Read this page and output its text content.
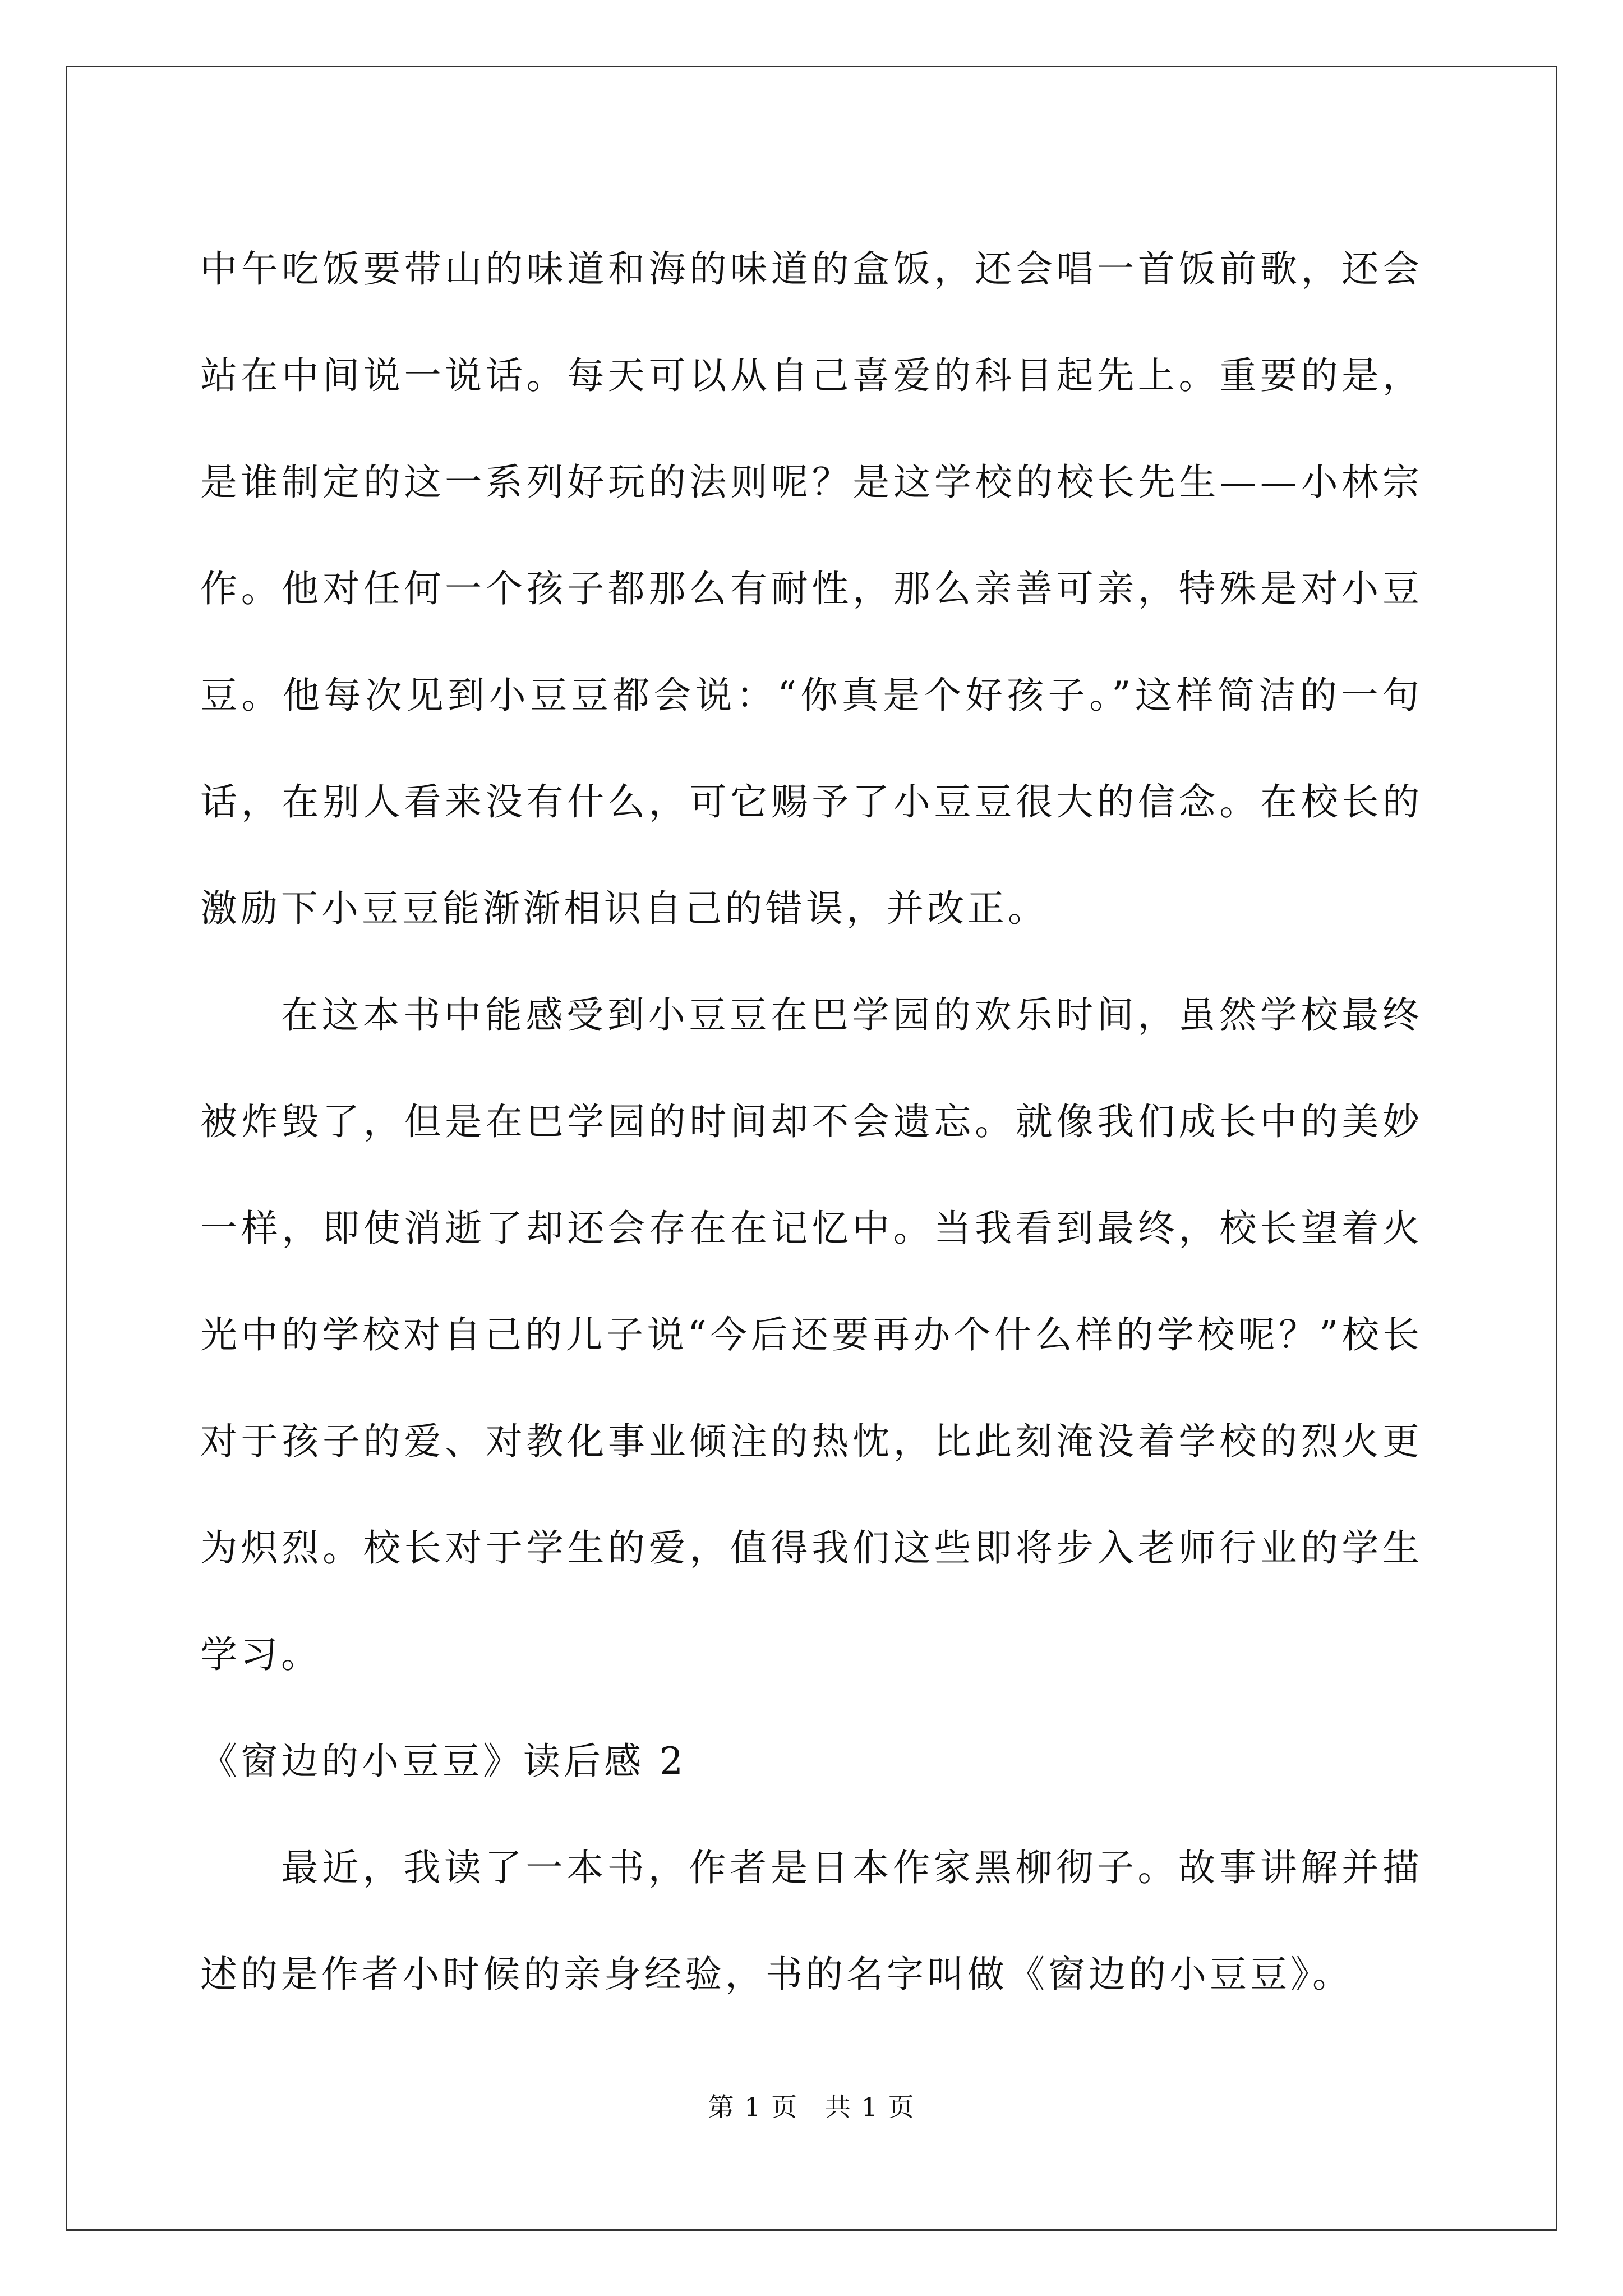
中午吃饭要带山的味道和海的味道的盒饭，还会唱一首饭前歌，还会站在中间说一说话。每天可以从自己喜爱的科目起先上。重要的是，是谁制定的这一系列好玩的法则呢？是这学校的校长先生——小林宗作。他对任何一个孩子都那么有耐性，那么亲善可亲，特殊是对小豆豆。他每次见到小豆豆都会说：“你真是个好孩子。”这样简洁的一句话，在别人看来没有什么，可它赐予了小豆豆很大的信念。在校长的激励下小豆豆能渐渐相识自己的错误，并改正。

在这本书中能感受到小豆豆在巴学园的欢乐时间，虽然学校最终被炸毁了，但是在巴学园的时间却不会遗忘。就像我们成长中的美妙一样，即使消逝了却还会存在在记忆中。当我看到最终，校长望着火光中的学校对自己的儿子说“今后还要再办个什么样的学校呢？”校长对于孩子的爱、对教化事业倾注的热忱，比此刻淹没着学校的烈火更为炽烈。校长对于学生的爱，值得我们这些即将步入老师行业的学生学习。

《窗边的小豆豆》读后感 2

最近，我读了一本书，作者是日本作家黑柳彻子。故事讲解并描述的是作者小时候的亲身经验，书的名字叫做《窗边的小豆豆》。

第 1 页　共 1 页
